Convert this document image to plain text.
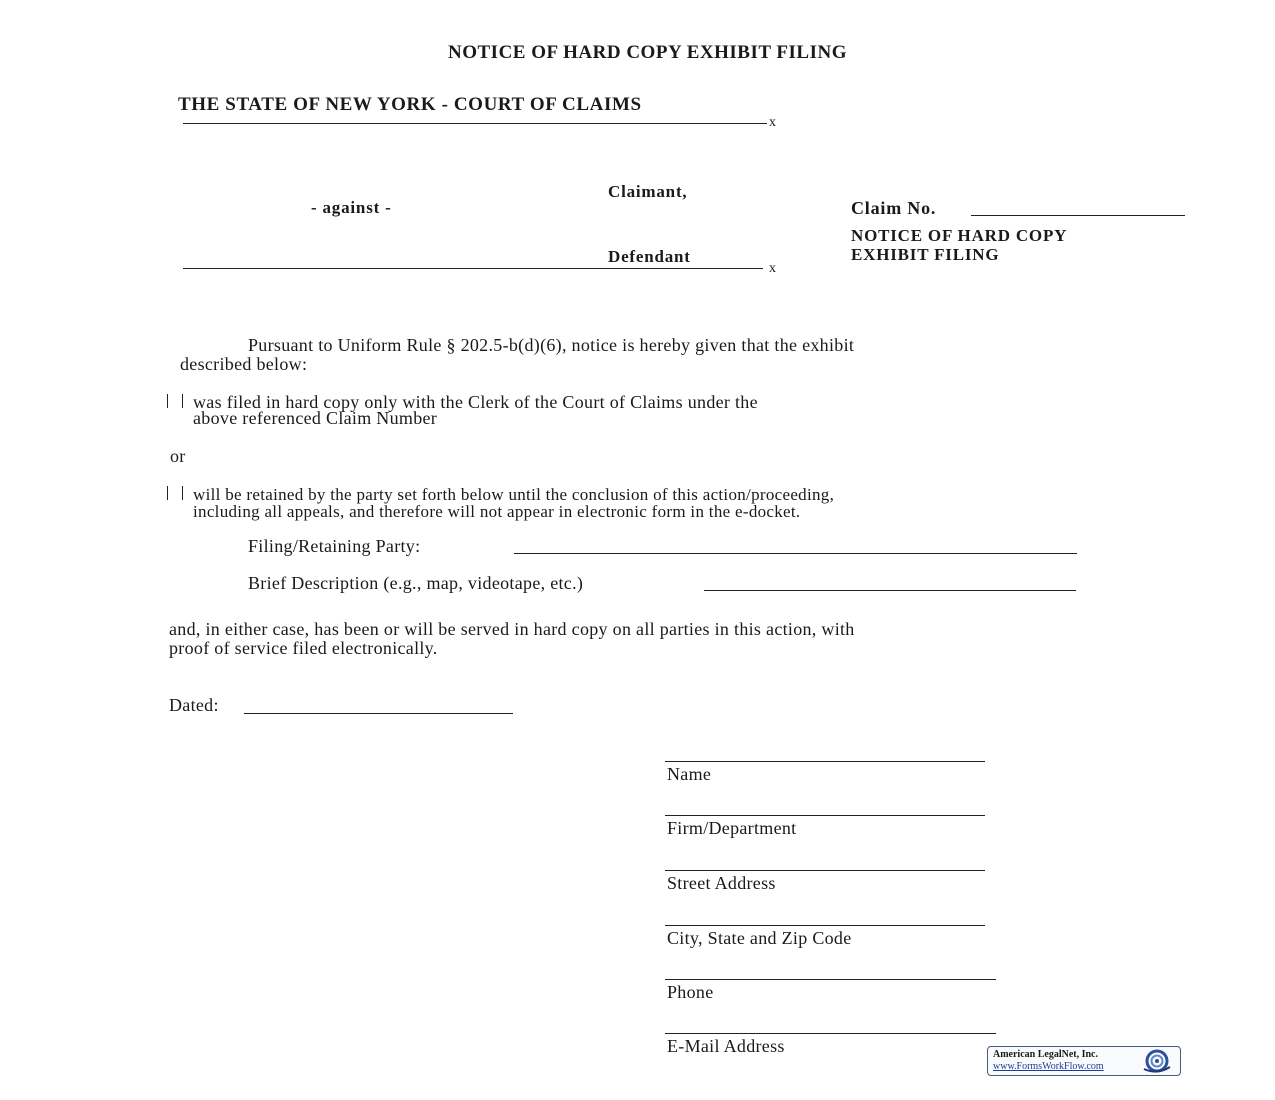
NOTICE OF HARD COPY EXHIBIT FILING
THE STATE OF NEW YORK - COURT OF CLAIMS
x
Claimant,
- against -
Defendant
x
Claim No.
NOTICE OF HARD COPY
EXHIBIT FILING
Pursuant to Uniform Rule § 202.5-b(d)(6), notice is hereby given that the exhibit
described below:
was filed in hard copy only with the Clerk of the Court of Claims under the
above referenced Claim Number
or
will be retained by the party set forth below until the conclusion of this action/proceeding,
including all appeals, and therefore will not appear in electronic form in the e-docket.
Filing/Retaining Party:
Brief Description (e.g., map, videotape, etc.)
and, in either case, has been or will be served in hard copy on all parties in this action, with
proof of service filed electronically.
Dated:
Name
Firm/Department
Street Address
City, State and Zip Code
Phone
E-Mail Address	American LegalNet, Inc.
www.FormsWorkFlow.com
